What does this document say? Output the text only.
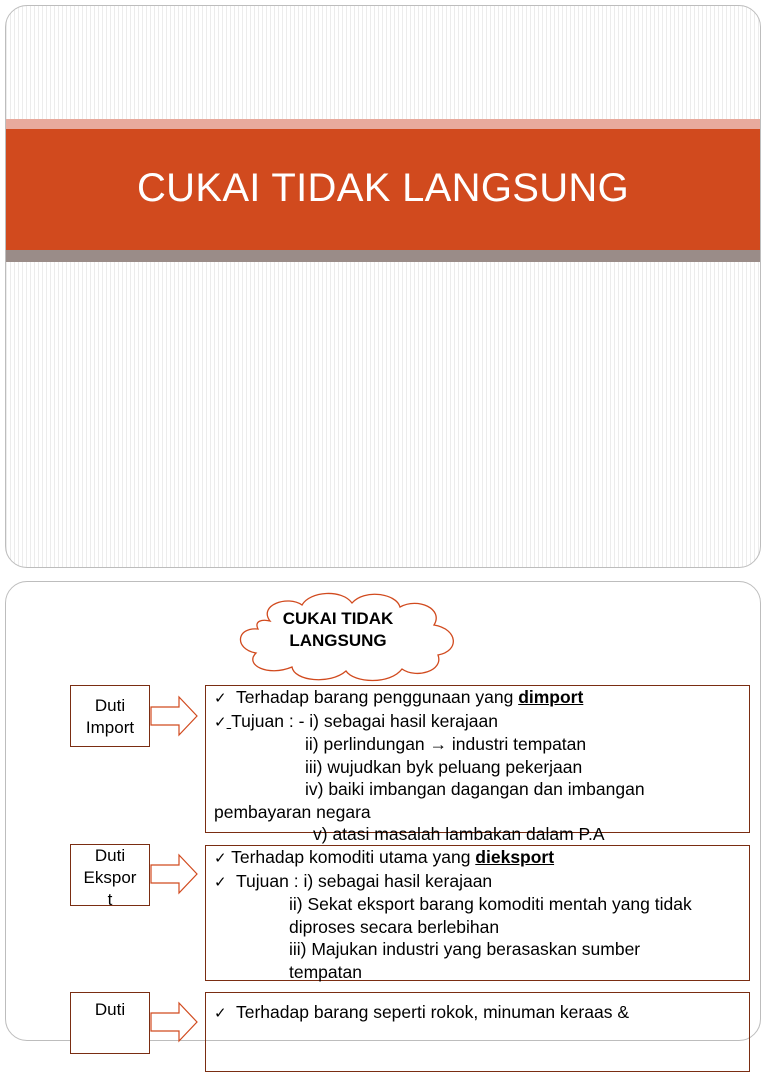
CUKAI TIDAK LANGSUNG
CUKAI TIDAK
LANGSUNG
Duti
Import
✓ Terhadap barang penggunaan yang dimport
✓ Tujuan : - i) sebagai hasil kerajaan
ii) perlindungan → industri tempatan
iii) wujudkan byk peluang pekerjaan
iv) baiki imbangan dagangan dan imbangan
pembayaran negara
v) atasi masalah lambakan dalam P.A
Duti
Ekspor
t
✓ Terhadap komoditi utama yang dieksport
✓ Tujuan : i) sebagai hasil kerajaan
ii) Sekat eksport barang komoditi mentah yang tidak
diproses secara berlebihan
iii) Majukan industri yang berasaskan sumber
tempatan
Duti	✓ Terhadap barang seperti rokok, minuman keraas &
